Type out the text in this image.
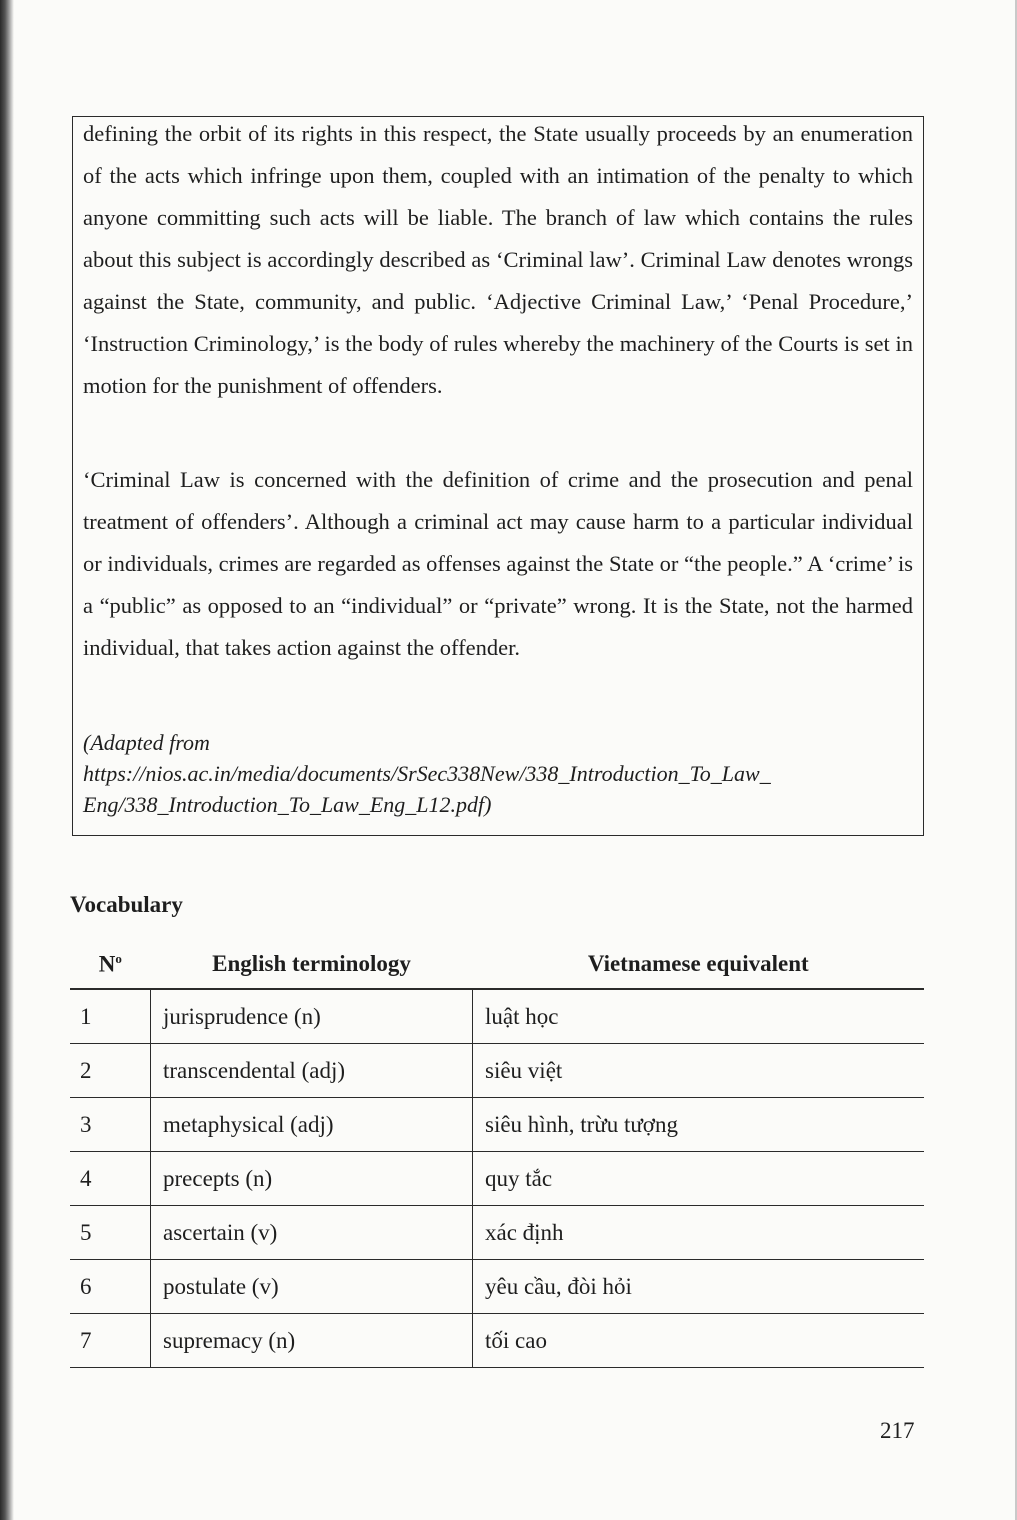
defining the orbit of its rights in this respect, the State usually proceeds by an enumeration of the acts which infringe upon them, coupled with an intimation of the penalty to which anyone committing such acts will be liable. The branch of law which contains the rules about this subject is accordingly described as ‘Criminal law’. Criminal Law denotes wrongs against the State, community, and public. ‘Adjective Criminal Law,’ ‘Penal Procedure,’ ‘Instruction Criminology,’ is the body of rules whereby the machinery of the Courts is set in motion for the punishment of offenders.

‘Criminal Law is concerned with the definition of crime and the prosecution and penal treatment of offenders’. Although a criminal act may cause harm to a particular individual or individuals, crimes are regarded as offenses against the State or “the people.” A ‘crime’ is a “public” as opposed to an “individual” or “private” wrong. It is the State, not the harmed individual, that takes action against the offender.

(Adapted from
https://nios.ac.in/media/documents/SrSec338New/338_Introduction_To_Law_
Eng/338_Introduction_To_Law_Eng_L12.pdf)
Vocabulary
$N^o$	English terminology	Vietnamese equivalent
1	jurisprudence (n)	luật học
2	transcendental (adj)	siêu việt
3	metaphysical (adj)	siêu hình, trừu tượng
4	precepts (n)	quy tắc
5	ascertain (v)	xác định
6	postulate (v)	yêu cầu, đòi hỏi
7	supremacy (n)	tối cao
217
